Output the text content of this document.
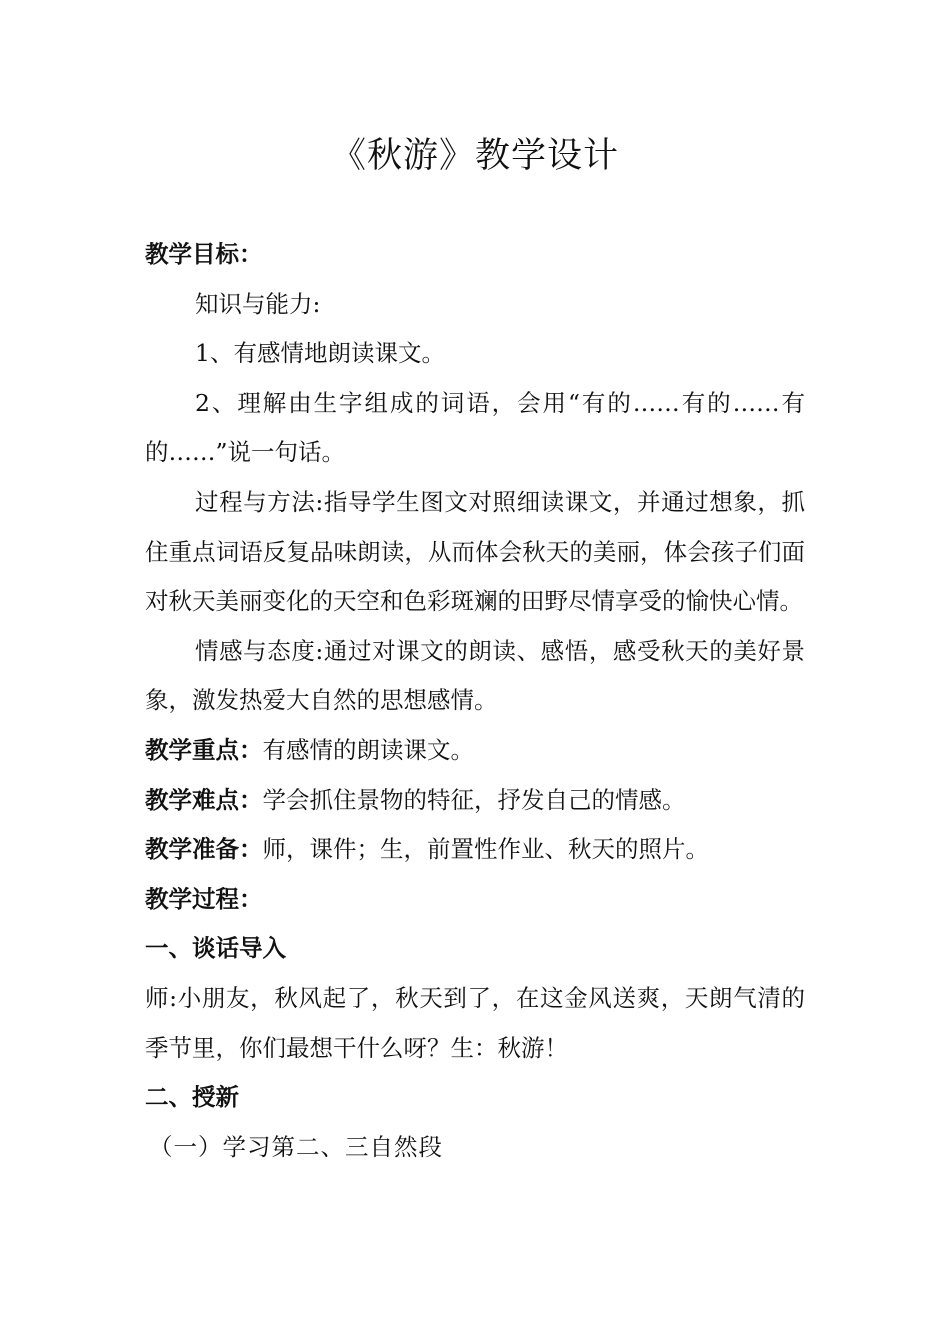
《秋游》教学设计

教学目标：

知识与能力:

1、有感情地朗读课文。

2、理解由生字组成的词语，会用“有的……有的……有的……”说一句话。

过程与方法:指导学生图文对照细读课文，并通过想象，抓住重点词语反复品味朗读，从而体会秋天的美丽，体会孩子们面对秋天美丽变化的天空和色彩斑斓的田野尽情享受的愉快心情。

情感与态度:通过对课文的朗读、感悟，感受秋天的美好景象，激发热爱大自然的思想感情。

教学重点：有感情的朗读课文。

教学难点：学会抓住景物的特征，抒发自己的情感。

教学准备：师，课件；生，前置性作业、秋天的照片。

教学过程：

一、谈话导入

师:小朋友，秋风起了，秋天到了，在这金风送爽，天朗气清的季节里，你们最想干什么呀？生：秋游！

二、授新

（一）学习第二、三自然段
